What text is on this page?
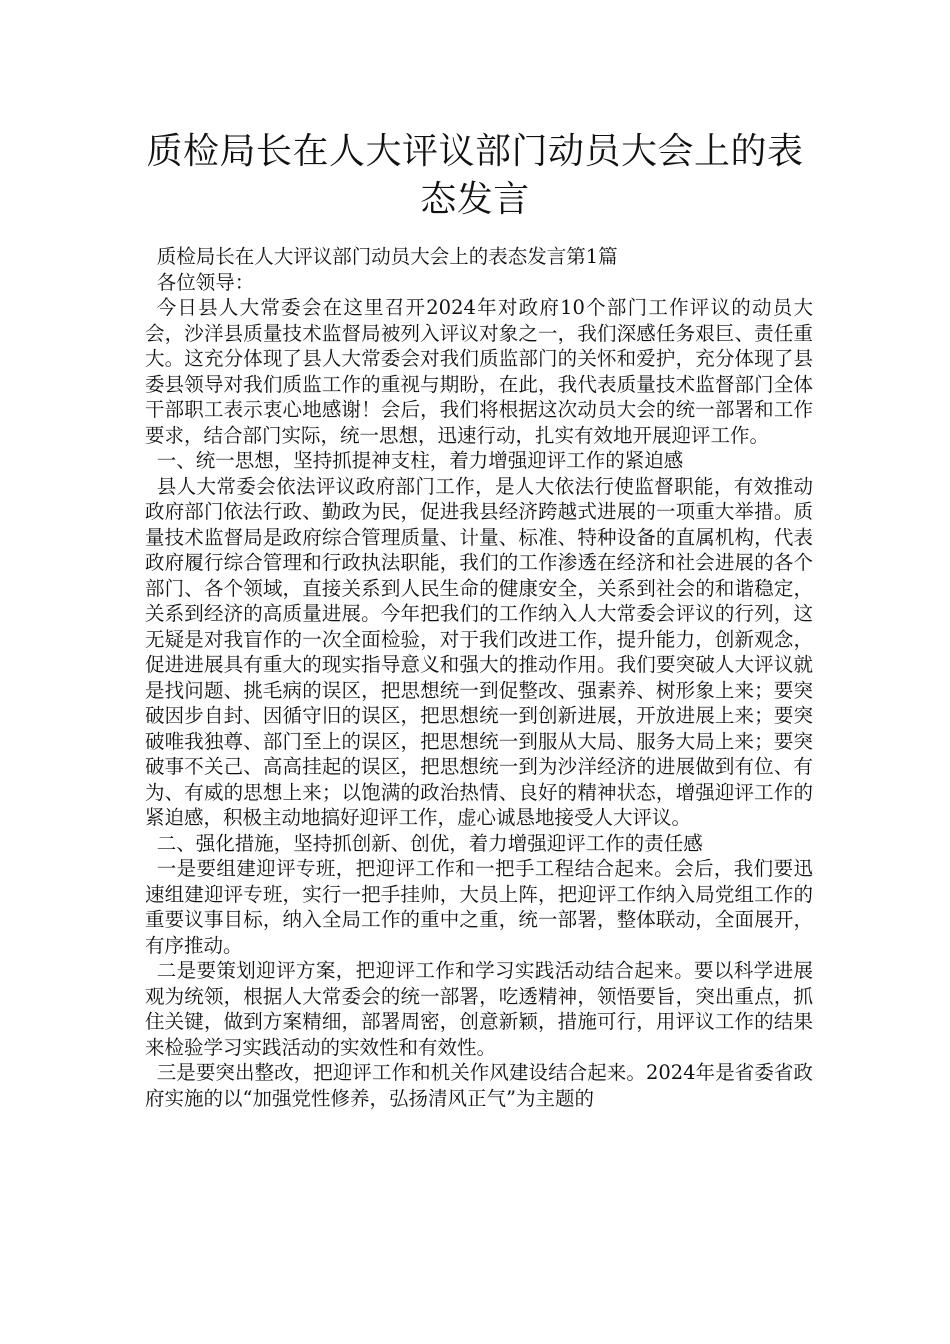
质检局长在人大评议部门动员大会上的表态发言

质检局长在人大评议部门动员大会上的表态发言第1篇

各位领导：

今日县人大常委会在这里召开2024年对政府10个部门工作评议的动员大会，沙洋县质量技术监督局被列入评议对象之一，我们深感任务艰巨、责任重大。这充分体现了县人大常委会对我们质监部门的关怀和爱护，充分体现了县委县领导对我们质监工作的重视与期盼，在此，我代表质量技术监督部门全体干部职工表示衷心地感谢！会后，我们将根据这次动员大会的统一部署和工作要求，结合部门实际，统一思想，迅速行动，扎实有效地开展迎评工作。

一、统一思想，坚持抓提神支柱，着力增强迎评工作的紧迫感

县人大常委会依法评议政府部门工作，是人大依法行使监督职能，有效推动政府部门依法行政、勤政为民，促进我县经济跨越式进展的一项重大举措。质量技术监督局是政府综合管理质量、计量、标准、特种设备的直属机构，代表政府履行综合管理和行政执法职能，我们的工作渗透在经济和社会进展的各个部门、各个领域，直接关系到人民生命的健康安全，关系到社会的和谐稳定，关系到经济的高质量进展。今年把我们的工作纳入人大常委会评议的行列，这无疑是对我盲作的一次全面检验，对于我们改进工作，提升能力，创新观念，促进进展具有重大的现实指导意义和强大的推动作用。我们要突破人大评议就是找问题、挑毛病的误区，把思想统一到促整改、强素养、树形象上来；要突破因步自封、因循守旧的误区，把思想统一到创新进展，开放进展上来；要突破唯我独尊、部门至上的误区，把思想统一到服从大局、服务大局上来；要突破事不关己、高高挂起的误区，把思想统一到为沙洋经济的进展做到有位、有为、有威的思想上来；以饱满的政治热情、良好的精神状态，增强迎评工作的紧迫感，积极主动地搞好迎评工作，虚心诚恳地接受人大评议。

二、强化措施，坚持抓创新、创优，着力增强迎评工作的责任感

一是要组建迎评专班，把迎评工作和一把手工程结合起来。会后，我们要迅速组建迎评专班，实行一把手挂帅，大员上阵，把迎评工作纳入局党组工作的重要议事目标，纳入全局工作的重中之重，统一部署，整体联动，全面展开，有序推动。

二是要策划迎评方案，把迎评工作和学习实践活动结合起来。要以科学进展观为统领，根据人大常委会的统一部署，吃透精神，领悟要旨，突出重点，抓住关键，做到方案精细，部署周密，创意新颖，措施可行，用评议工作的结果来检验学习实践活动的实效性和有效性。

三是要突出整改，把迎评工作和机关作风建设结合起来。2024年是省委省政府实施的以“加强党性修养，弘扬清风正气”为主题的
